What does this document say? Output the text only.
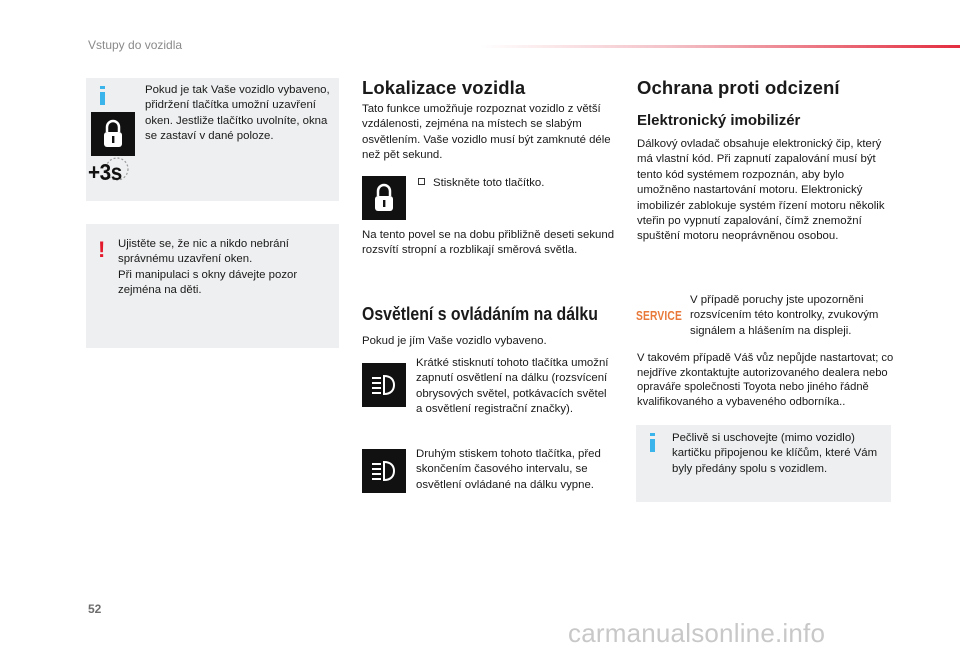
Vstupy do vozidla
+3s
Pokud je tak Vaše vozidlo vybaveno, přidržení tlačítka umožní uzavření oken. Jestliže tlačítko uvolníte, okna se zastaví v dané poloze.
! Ujistěte se, že nic a nikdo nebrání správnému uzavření oken.
Při manipulaci s okny dávejte pozor zejména na děti.
Lokalizace vozidla
Tato funkce umožňuje rozpoznat vozidlo z větší vzdálenosti, zejména na místech se slabým osvětlením. Vaše vozidlo musí být zamknuté déle než pět sekund.
Stiskněte toto tlačítko.
Na tento povel se na dobu přibližně deseti sekund rozsvítí stropní a rozblikají směrová světla.
Osvětlení s ovládáním na dálku
Pokud je jím Vaše vozidlo vybaveno.
Krátké stisknutí tohoto tlačítka umožní zapnutí osvětlení na dálku (rozsvícení obrysových světel, potkávacích světel a osvětlení registrační značky).
Druhým stiskem tohoto tlačítka, před skončením časového intervalu, se osvětlení ovládané na dálku vypne.
Ochrana proti odcizení
Elektronický imobilizér
Dálkový ovladač obsahuje elektronický čip, který má vlastní kód. Při zapnutí zapalování musí být tento kód systémem rozpoznán, aby bylo umožněno nastartování motoru. Elektronický imobilizér zablokuje systém řízení motoru několik vteřin po vypnutí zapalování, čímž znemožní spuštění motoru neoprávněnou osobou.
SERVICE
V případě poruchy jste upozorněni rozsvícením této kontrolky, zvukovým signálem a hlášením na displeji.
V takovém případě Váš vůz nepůjde nastartovat; co nejdříve zkontaktujte autorizovaného dealera nebo opraváře společnosti Toyota nebo jiného řádně kvalifikovaného a vybaveného odborníka..
Pečlivě si uschovejte (mimo vozidlo) kartičku připojenou ke klíčům, které Vám byly předány spolu s vozidlem.
52
carmanualsonline.info
